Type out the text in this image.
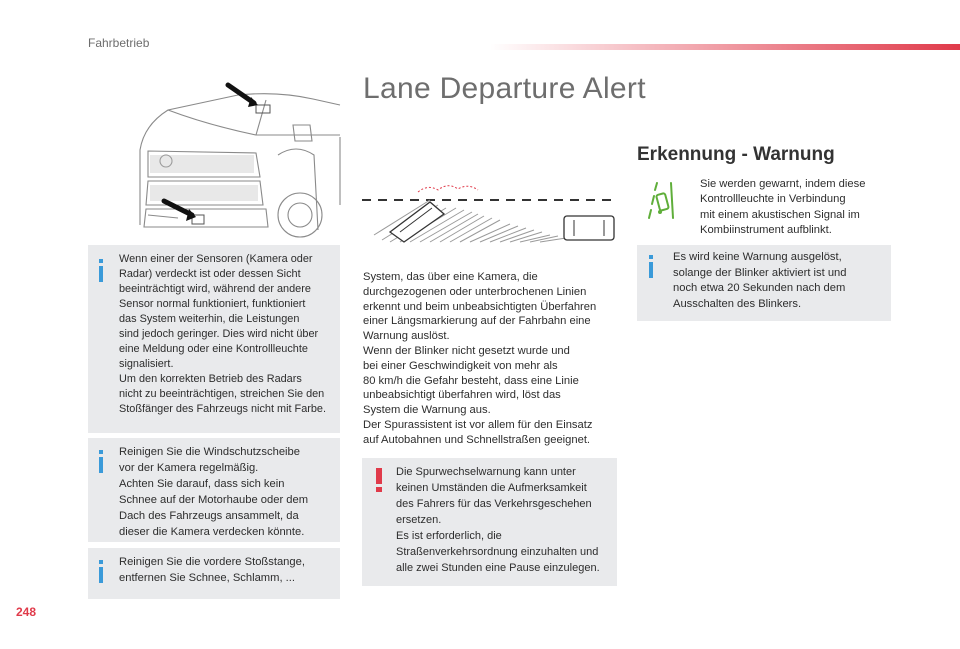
Fahrbetrieb
Wenn einer der Sensoren (Kamera oder
Radar) verdeckt ist oder dessen Sicht
beeinträchtigt wird, während der andere
Sensor normal funktioniert, funktioniert
das System weiterhin, die Leistungen
sind jedoch geringer. Dies wird nicht über
eine Meldung oder eine Kontrollleuchte
signalisiert.
Um den korrekten Betrieb des Radars
nicht zu beeinträchtigen, streichen Sie den
Stoßfänger des Fahrzeugs nicht mit Farbe.
Reinigen Sie die Windschutzscheibe
vor der Kamera regelmäßig.
Achten Sie darauf, dass sich kein
Schnee auf der Motorhaube oder dem
Dach des Fahrzeugs ansammelt, da
dieser die Kamera verdecken könnte.
Reinigen Sie die vordere Stoßstange,
entfernen Sie Schnee, Schlamm, ...
Lane Departure Alert
System, das über eine Kamera, die
durchgezogenen oder unterbrochenen Linien
erkennt und beim unbeabsichtigten Überfahren
einer Längsmarkierung auf der Fahrbahn eine
Warnung auslöst.
Wenn der Blinker nicht gesetzt wurde und
bei einer Geschwindigkeit von mehr als
80 km/h die Gefahr besteht, dass eine Linie
unbeabsichtigt überfahren wird, löst das
System die Warnung aus.
Der Spurassistent ist vor allem für den Einsatz
auf Autobahnen und Schnellstraßen geeignet.
Die Spurwechselwarnung kann unter
keinen Umständen die Aufmerksamkeit
des Fahrers für das Verkehrsgeschehen
ersetzen.
Es ist erforderlich, die
Straßenverkehrsordnung einzuhalten und
alle zwei Stunden eine Pause einzulegen.
Erkennung - Warnung
Sie werden gewarnt, indem diese
Kontrollleuchte in Verbindung
mit einem akustischen Signal im
Kombiinstrument aufblinkt.
Es wird keine Warnung ausgelöst,
solange der Blinker aktiviert ist und
noch etwa 20 Sekunden nach dem
Ausschalten des Blinkers.
248
